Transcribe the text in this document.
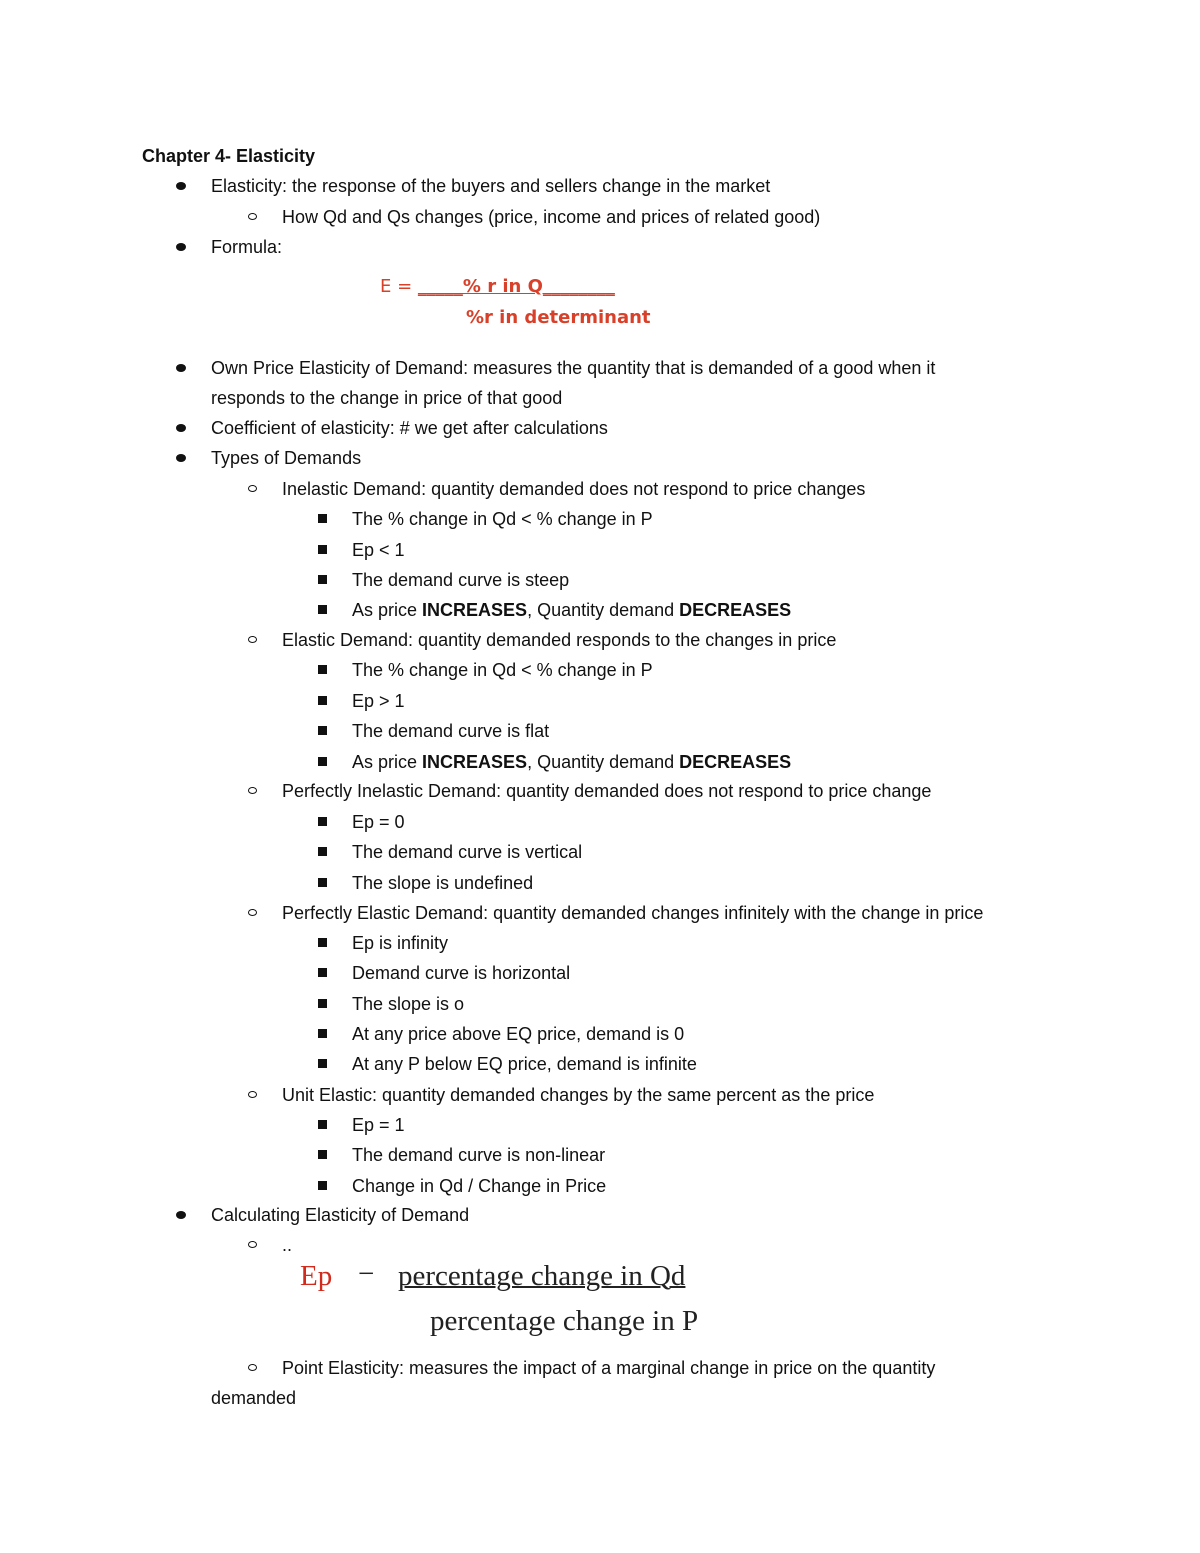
Chapter 4- Elasticity
Elasticity: the response of the buyers and sellers change in the market
How Qd and Qs changes (price, income and prices of related good)
Formula:
Own Price Elasticity of Demand: measures the quantity that is demanded of a good when it
responds to the change in price of that good
Coefficient of elasticity: # we get after calculations
Types of Demands
Inelastic Demand: quantity demanded does not respond to price changes
The % change in Qd < % change in P
Ep < 1
The demand curve is steep
As price INCREASES, Quantity demand DECREASES
Elastic Demand: quantity demanded responds to the changes in price
The % change in Qd < % change in P
Ep > 1
The demand curve is flat
As price INCREASES, Quantity demand DECREASES
Perfectly Inelastic Demand: quantity demanded does not respond to price change
Ep = 0
The demand curve is vertical
The slope is undefined
Perfectly Elastic Demand: quantity demanded changes infinitely with the change in price
Ep is infinity
Demand curve is horizontal
The slope is o
At any price above EQ price, demand is 0
At any P below EQ price, demand is infinite
Unit Elastic: quantity demanded changes by the same percent as the price
Ep = 1
The demand curve is non-linear
Change in Qd / Change in Price
Calculating Elasticity of Demand
..
Point Elasticity: measures the impact of a marginal change in price on the quantity
demanded
E = _____% r in Q________
%r in determinant
Ep − percentage change in Qd
percentage change in P
